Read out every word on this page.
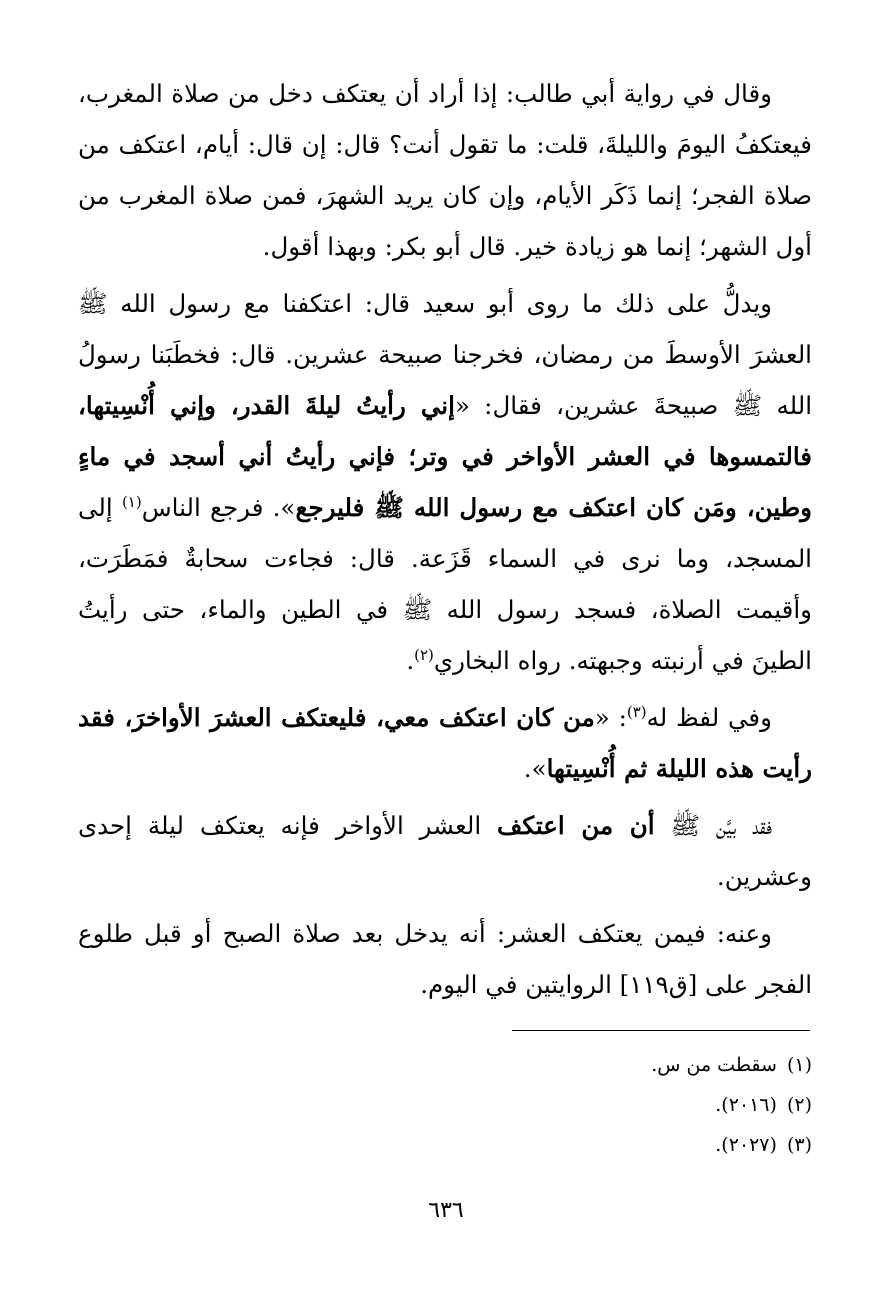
وقال في رواية أبي طالب: إذا أراد أن يعتكف دخل من صلاة المغرب، فيعتكفُ اليومَ والليلةَ، قلت: ما تقول أنت؟ قال: إن قال: أيام، اعتكف من صلاة الفجر؛ إنما ذَكَر الأيام، وإن كان يريد الشهرَ، فمن صلاة المغرب من أول الشهر؛ إنما هو زيادة خير. قال أبو بكر: وبهذا أقول.

ويدلُّ على ذلك ما روى أبو سعيد قال: اعتكفنا مع رسول الله ﷺ العشرَ الأوسطَ من رمضان، فخرجنا صبيحة عشرين. قال: فخطَبَنا رسولُ الله ﷺ صبيحةَ عشرين، فقال: «إني رأيتُ ليلةَ القدر، وإني أُنْسِيتها، فالتمسوها في العشر الأواخر في وتر؛ فإني رأيتُ أني أسجد في ماءٍ وطين، ومَن كان اعتكف مع رسول الله ﷺ فليرجع». فرجع الناس$^{(١)}$ إلى المسجد، وما نرى في السماء قَزَعة. قال: فجاءت سحابةٌ فمَطَرَت، وأقيمت الصلاة، فسجد رسول الله ﷺ في الطين والماء، حتى رأيتُ الطينَ في أرنبته وجبهته. رواه البخاري$^{(٢)}$.

وفي لفظ له$^{(٣)}$: «من كان اعتكف معي، فليعتكف العشرَ الأواخرَ، فقد رأيت هذه الليلة ثم أُنْسِيتها».

فقد بيَّن ﷺ أن من اعتكف العشر الأواخر فإنه يعتكف ليلة إحدى وعشرين.

وعنه: فيمن يعتكف العشر: أنه يدخل بعد صلاة الصبح أو قبل طلوع الفجر على [ق١١٩] الروايتين في اليوم.

(١)سقطت من س.
(٢)(٢٠١٦).
(٣)(٢٠٢٧).
٦٣٦
